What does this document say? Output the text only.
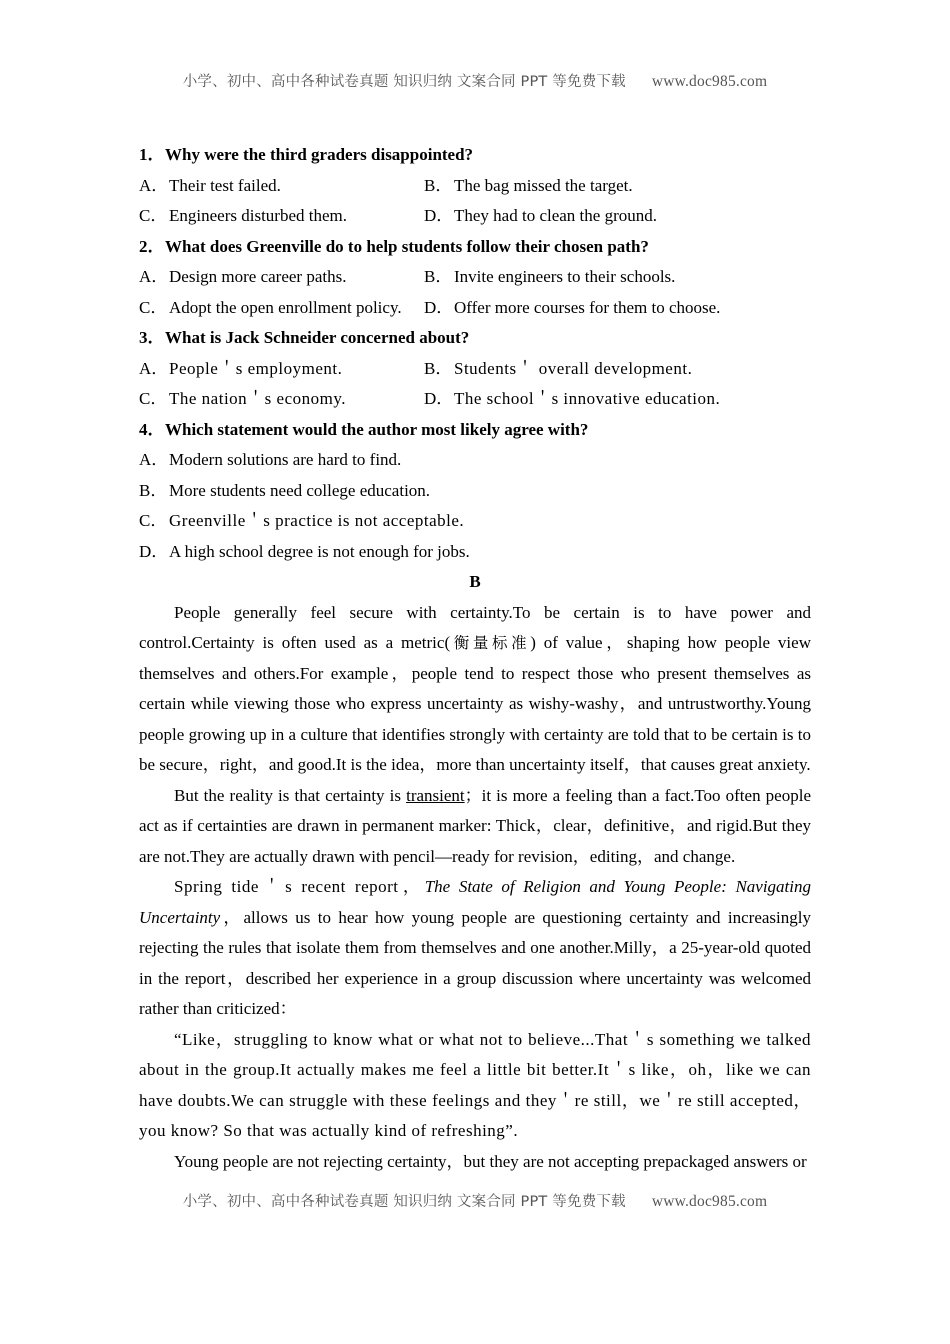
小学、初中、高中各种试卷真题 知识归纳 文案合同 PPT 等免费下载 www.doc985.com
1．Why were the third graders disappointed?
A．Their test failed.	B．The bag missed the target.
C．Engineers disturbed them.	D．They had to clean the ground.
2．What does Greenville do to help students follow their chosen path?
A．Design more career paths.	B．Invite engineers to their schools.
C．Adopt the open enrollment policy. D．Offer more courses for them to choose.
3．What is Jack Schneider concerned about?
A．People＇s employment.	B．Students＇ overall development.
C．The nation＇s economy.	D．The school＇s innovative education.
4．Which statement would the author most likely agree with?
A．Modern solutions are hard to find.
B．More students need college education.
C．Greenville＇s practice is not acceptable.
D．A high school degree is not enough for jobs.
B

People generally feel secure with certainty.To be certain is to have power and control.Certainty is often used as a metric(衡量标准) of value，shaping how people view themselves and others.For example，people tend to respect those who present themselves as certain while viewing those who express uncertainty as wishy-washy，and untrustworthy.Young people growing up in a culture that identifies strongly with certainty are told that to be certain is to be secure，right，and good.It is the idea，more than uncertainty itself，that causes great anxiety.

But the reality is that certainty is transient；it is more a feeling than a fact.Too often people act as if certainties are drawn in permanent marker: Thick，clear，definitive，and rigid.But they are not.They are actually drawn with pencil—ready for revision，editing，and change.

Spring tide＇s recent report，The State of Religion and Young People: Navigating Uncertainty，allows us to hear how young people are questioning certainty and increasingly rejecting the rules that isolate them from themselves and one another.Milly，a 25-year-old quoted in the report，described her experience in a group discussion where uncertainty was welcomed rather than criticized：

“Like，struggling to know what or what not to believe...That＇s something we talked about in the group.It actually makes me feel a little bit better.It＇s like，oh，like we can have doubts.We can struggle with these feelings and they＇re still，we＇re still accepted，you know? So that was actually kind of refreshing”.

Young people are not rejecting certainty，but they are not accepting prepackaged answers or

小学、初中、高中各种试卷真题 知识归纳 文案合同 PPT 等免费下载 www.doc985.com
